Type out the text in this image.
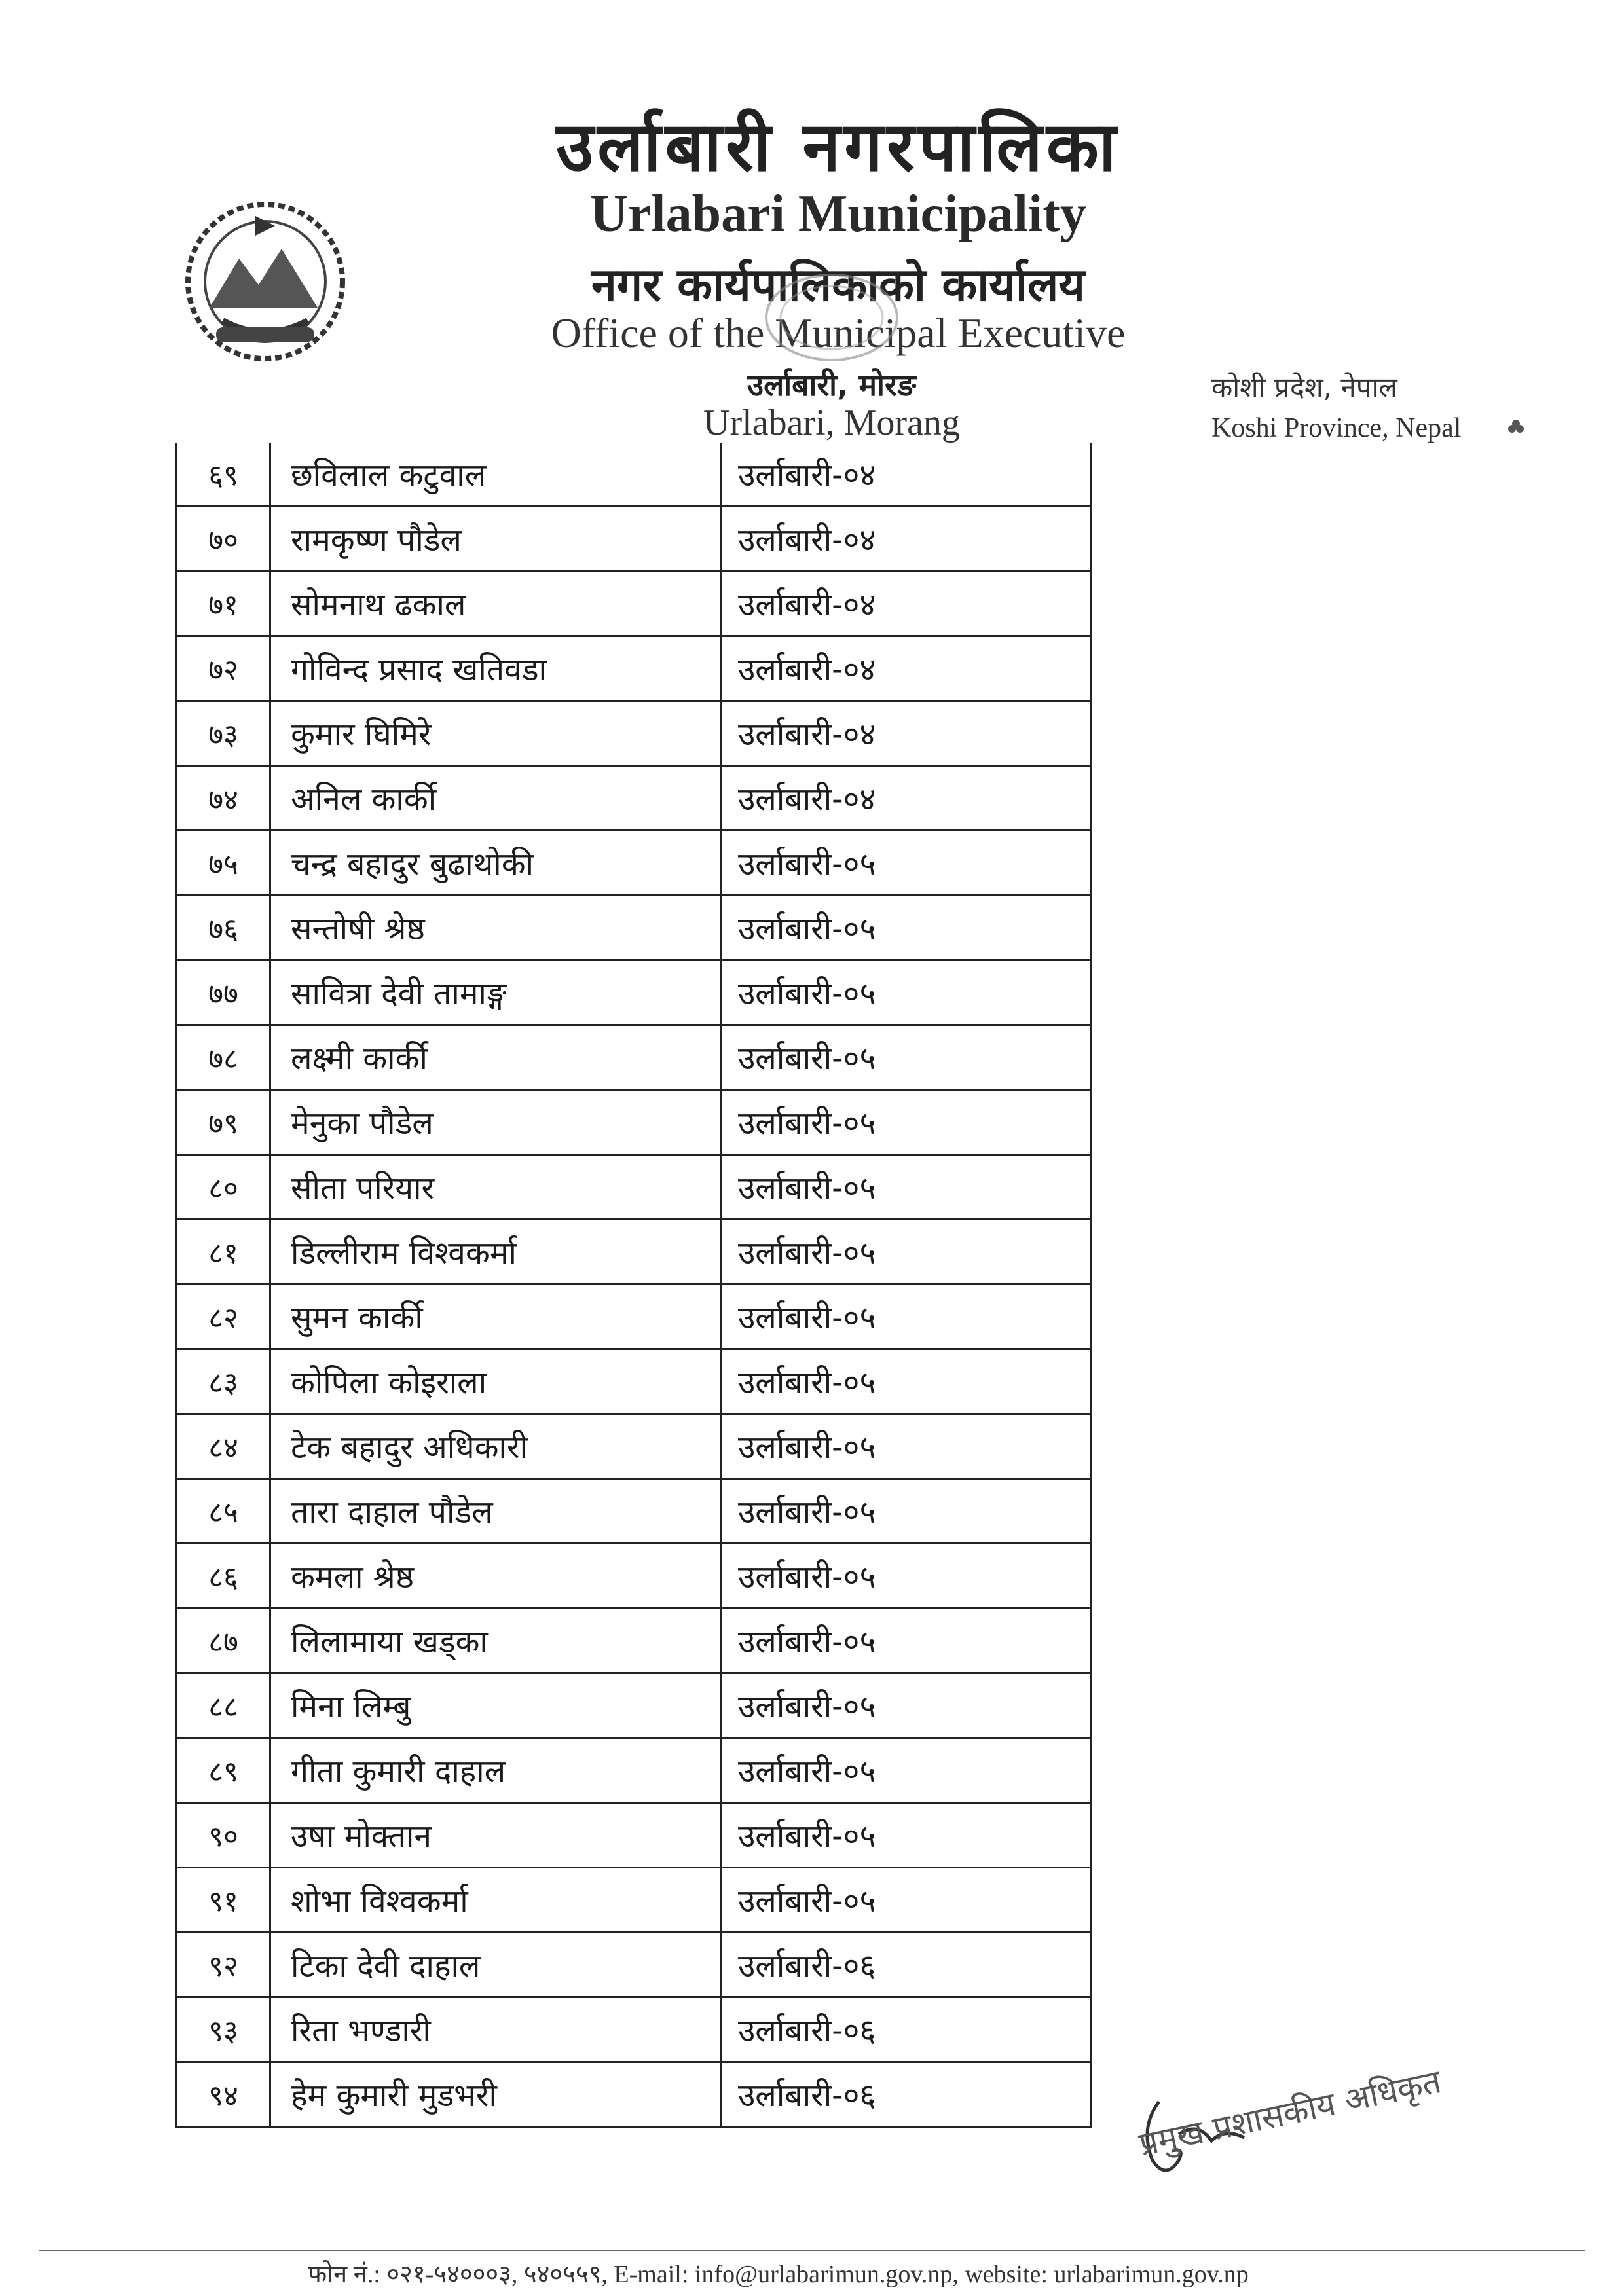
उर्लाबारी नगरपालिका
Urlabari Municipality
नगर कार्यपालिकाको कार्यालय
Office of the Municipal Executive
उर्लाबारी, मोरङ
Urlabari, Morang
कोशी प्रदेश, नेपाल
Koshi Province, Nepal
६९	छविलाल कटुवाल	उर्लाबारी-०४
७०	रामकृष्ण पौडेल	उर्लाबारी-०४
७१	सोमनाथ ढकाल	उर्लाबारी-०४
७२	गोविन्द प्रसाद खतिवडा	उर्लाबारी-०४
७३	कुमार घिमिरे	उर्लाबारी-०४
७४	अनिल कार्की	उर्लाबारी-०४
७५	चन्द्र बहादुर बुढाथोकी	उर्लाबारी-०५
७६	सन्तोषी श्रेष्ठ	उर्लाबारी-०५
७७	सावित्रा देवी तामाङ्ग	उर्लाबारी-०५
७८	लक्ष्मी कार्की	उर्लाबारी-०५
७९	मेनुका पौडेल	उर्लाबारी-०५
८०	सीता परियार	उर्लाबारी-०५
८१	डिल्लीराम विश्वकर्मा	उर्लाबारी-०५
८२	सुमन कार्की	उर्लाबारी-०५
८३	कोपिला कोइराला	उर्लाबारी-०५
८४	टेक बहादुर अधिकारी	उर्लाबारी-०५
८५	तारा दाहाल पौडेल	उर्लाबारी-०५
८६	कमला श्रेष्ठ	उर्लाबारी-०५
८७	लिलामाया खड्का	उर्लाबारी-०५
८८	मिना लिम्बु	उर्लाबारी-०५
८९	गीता कुमारी दाहाल	उर्लाबारी-०५
९०	उषा मोक्तान	उर्लाबारी-०५
९१	शोभा विश्वकर्मा	उर्लाबारी-०५
९२	टिका देवी दाहाल	उर्लाबारी-०६
९३	रिता भण्डारी	उर्लाबारी-०६
९४	हेम कुमारी मुडभरी	उर्लाबारी-०६	प्रमुख प्रशासकीय अधिकृत
फोन नं.: ०२१-५४०००३, ५४०५५९, E-mail: info@urlabarimun.gov.np, website: urlabarimun.gov.np
